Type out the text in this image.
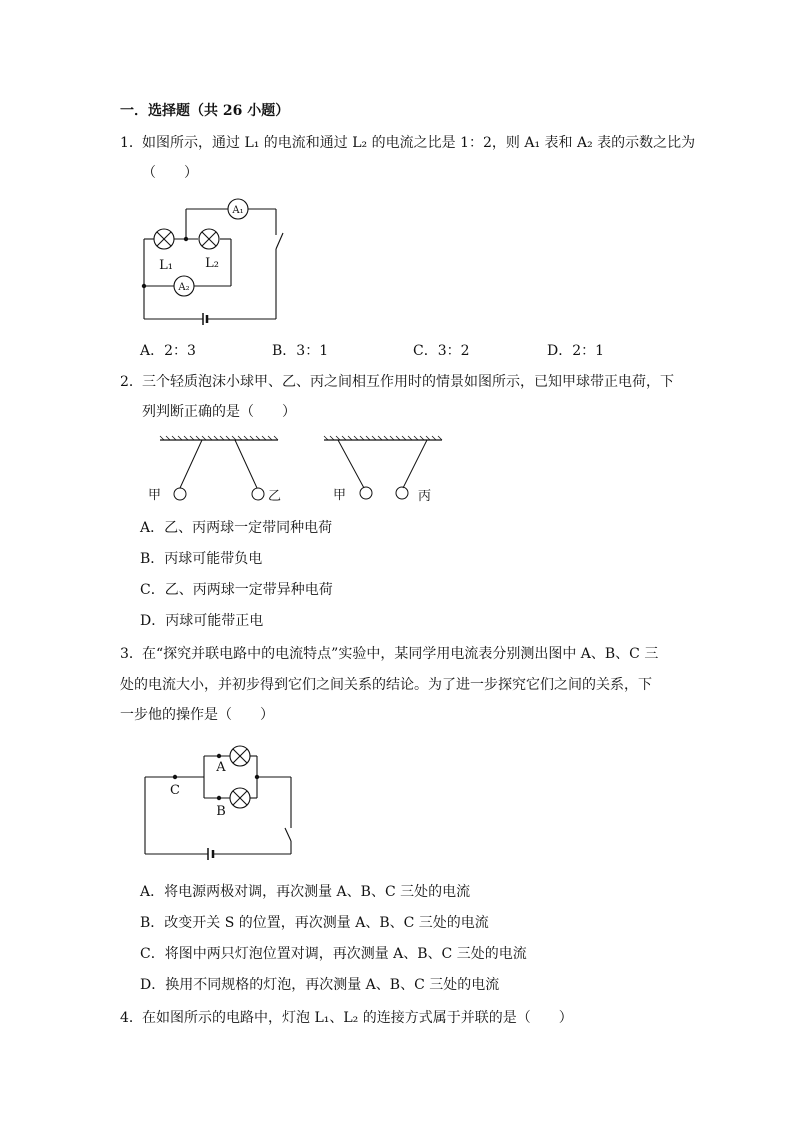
一．选择题（共 26 小题）
1． 如图所示，通过 L₁ 的电流和通过 L₂ 的电流之比是 1：2，则 A₁ 表和 A₂ 表的示数之比为
（　　）
A₁
A₂
L₁ L₂
A．2：3	B．3：1	C．3：2	D．2：1
2． 三个轻质泡沫小球甲、乙、丙之间相互作用时的情景如图所示，已知甲球带正电荷，下
列判断正确的是（　　）
甲	乙	甲	丙
A．乙、丙两球一定带同种电荷
B．丙球可能带负电
C．乙、丙两球一定带异种电荷
D．丙球可能带正电
3． 在“探究并联电路中的电流特点”实验中，某同学用电流表分别测出图中 A、B、C 三
处的电流大小，并初步得到它们之间关系的结论。为了进一步探究它们之间的关系，下
一步他的操作是（　　）
A
B
C
A．将电源两极对调，再次测量 A、B、C 三处的电流
B．改变开关 S 的位置，再次测量 A、B、C 三处的电流
C．将图中两只灯泡位置对调，再次测量 A、B、C 三处的电流
D．换用不同规格的灯泡，再次测量 A、B、C 三处的电流
4． 在如图所示的电路中，灯泡 L₁、L₂ 的连接方式属于并联的是（　　）
